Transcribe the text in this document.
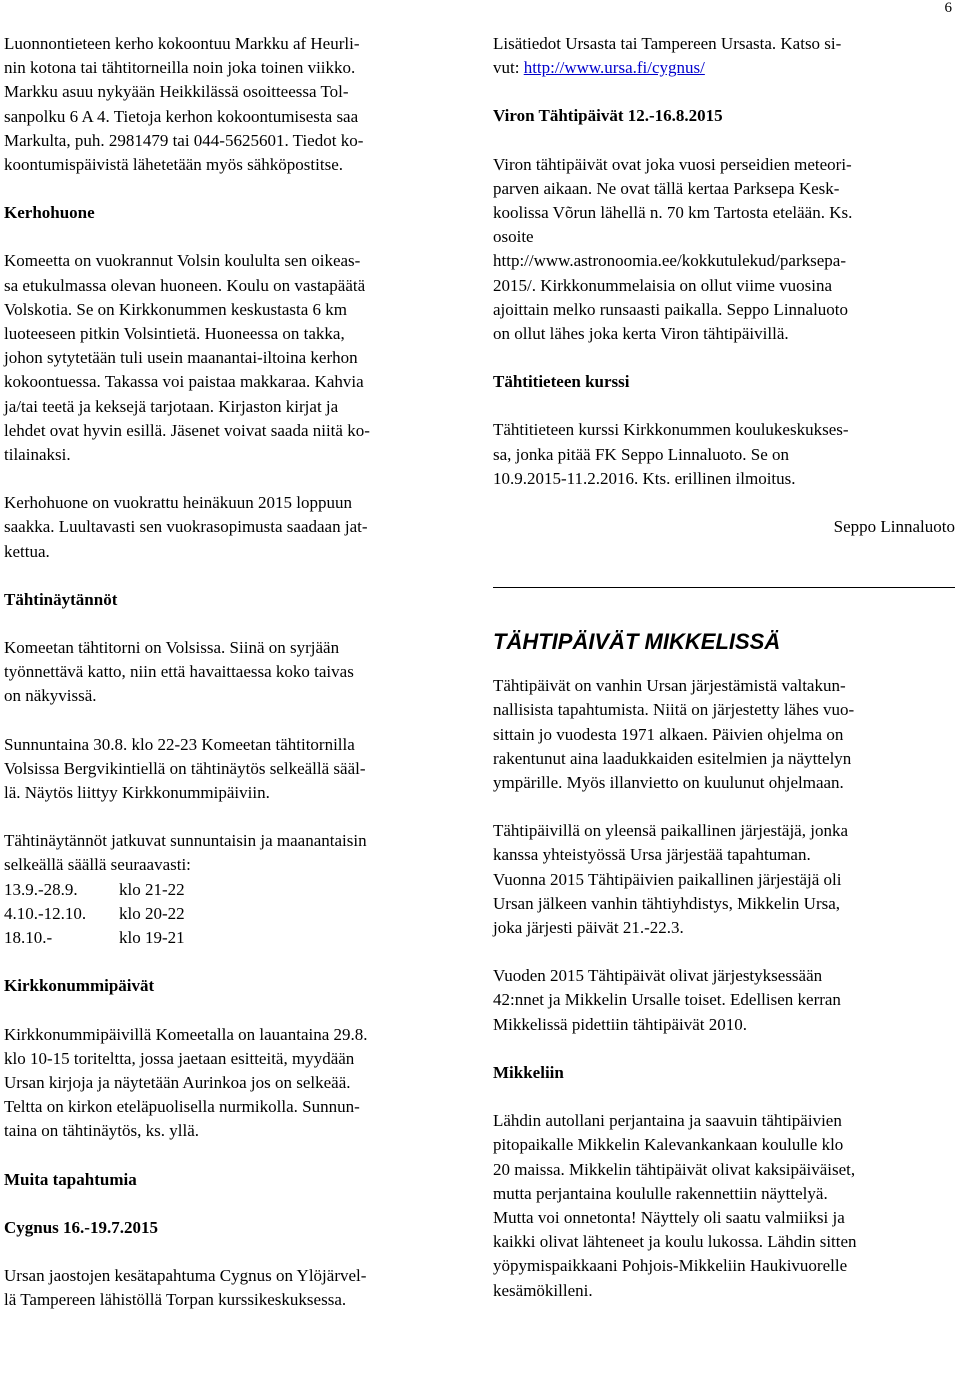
6

Luonnontieteen kerho kokoontuu Markku af Heurli-
nin kotona tai tähtitorneilla noin joka toinen viikko.
Markku asuu nykyään Heikkilässä osoitteessa Tol-
sanpolku 6 A 4. Tietoja kerhon kokoontumisesta saa
Markulta, puh. 2981479 tai 044-5625601. Tiedot ko-
koontumispäivistä lähetetään myös sähköpostitse.

Kerhohuone

Komeetta on vuokrannut Volsin koululta sen oikeas-
sa etukulmassa olevan huoneen. Koulu on vastapäätä
Volskotia. Se on Kirkkonummen keskustasta 6 km
luoteeseen pitkin Volsintietä. Huoneessa on takka,
johon sytytetään tuli usein maanantai-iltoina kerhon
kokoontuessa. Takassa voi paistaa makkaraa. Kahvia
ja/tai teetä ja keksejä tarjotaan. Kirjaston kirjat ja
lehdet ovat hyvin esillä. Jäsenet voivat saada niitä ko-
tilainaksi.

Kerhohuone on vuokrattu heinäkuun 2015 loppuun
saakka. Luultavasti sen vuokrasopimusta saadaan jat-
kettua.

Tähtinäytännöt

Komeetan tähtitorni on Volsissa. Siinä on syrjään
työnnettävä katto, niin että havaittaessa koko taivas
on näkyvissä.

Sunnuntaina 30.8. klo 22-23 Komeetan tähtitornilla
Volsissa Bergvikintiellä on tähtinäytös selkeällä sääl-
lä. Näytös liittyy Kirkkonummipäiviin.

Tähtinäytännöt jatkuvat sunnuntaisin ja maanantaisin
selkeällä säällä seuraavasti:

13.9.-28.9.	klo 21-22
4.10.-12.10.	klo 20-22
18.10.-	klo 19-21

Kirkkonummipäivät

Kirkkonummipäivillä Komeetalla on lauantaina 29.8.
klo 10-15 toriteltta, jossa jaetaan esitteitä, myydään
Ursan kirjoja ja näytetään Aurinkoa jos on selkeää.
Teltta on kirkon eteläpuolisella nurmikolla. Sunnun-
taina on tähtinäytös, ks. yllä.

Muita tapahtumia

Cygnus 16.-19.7.2015

Ursan jaostojen kesätapahtuma Cygnus on Ylöjärvel-
lä Tampereen lähistöllä Torpan kurssikeskuksessa.

Lisätiedot Ursasta tai Tampereen Ursasta. Katso si-
vut: http://www.ursa.fi/cygnus/

Viron Tähtipäivät 12.-16.8.2015

Viron tähtipäivät ovat joka vuosi perseidien meteori-
parven aikaan. Ne ovat tällä kertaa Parksepa Kesk-
koolissa Võrun lähellä n. 70 km Tartosta etelään. Ks.
osoite
http://www.astronoomia.ee/kokkutulekud/parksepa-
2015/. Kirkkonummelaisia on ollut viime vuosina
ajoittain melko runsaasti paikalla. Seppo Linnaluoto
on ollut lähes joka kerta Viron tähtipäivillä.

Tähtitieteen kurssi

Tähtitieteen kurssi Kirkkonummen koulukeskukses-
sa, jonka pitää FK Seppo Linnaluoto. Se on
10.9.2015-11.2.2016. Kts. erillinen ilmoitus.

Seppo Linnaluoto

TÄHTIPÄIVÄT MIKKELISSÄ

Tähtipäivät on vanhin Ursan järjestämistä valtakun-
nallisista tapahtumista. Niitä on järjestetty lähes vuo-
sittain jo vuodesta 1971 alkaen. Päivien ohjelma on
rakentunut aina laadukkaiden esitelmien ja näyttelyn
ympärille. Myös illanvietto on kuulunut ohjelmaan.

Tähtipäivillä on yleensä paikallinen järjestäjä, jonka
kanssa yhteistyössä Ursa järjestää tapahtuman.
Vuonna 2015 Tähtipäivien paikallinen järjestäjä oli
Ursan jälkeen vanhin tähtiyhdistys, Mikkelin Ursa,
joka järjesti päivät 21.-22.3.

Vuoden 2015 Tähtipäivät olivat järjestyksessään
42:nnet ja Mikkelin Ursalle toiset. Edellisen kerran
Mikkelissä pidettiin tähtipäivät 2010.

Mikkeliin

Lähdin autollani perjantaina ja saavuin tähtipäivien
pitopaikalle Mikkelin Kalevankankaan koululle klo
20 maissa. Mikkelin tähtipäivät olivat kaksipäiväiset,
mutta perjantaina koululle rakennettiin näyttelyä.
Mutta voi onnetonta! Näyttely oli saatu valmiiksi ja
kaikki olivat lähteneet ja koulu lukossa. Lähdin sitten
yöpymispaikkaani Pohjois-Mikkeliin Haukivuorelle
kesämökilleni.
